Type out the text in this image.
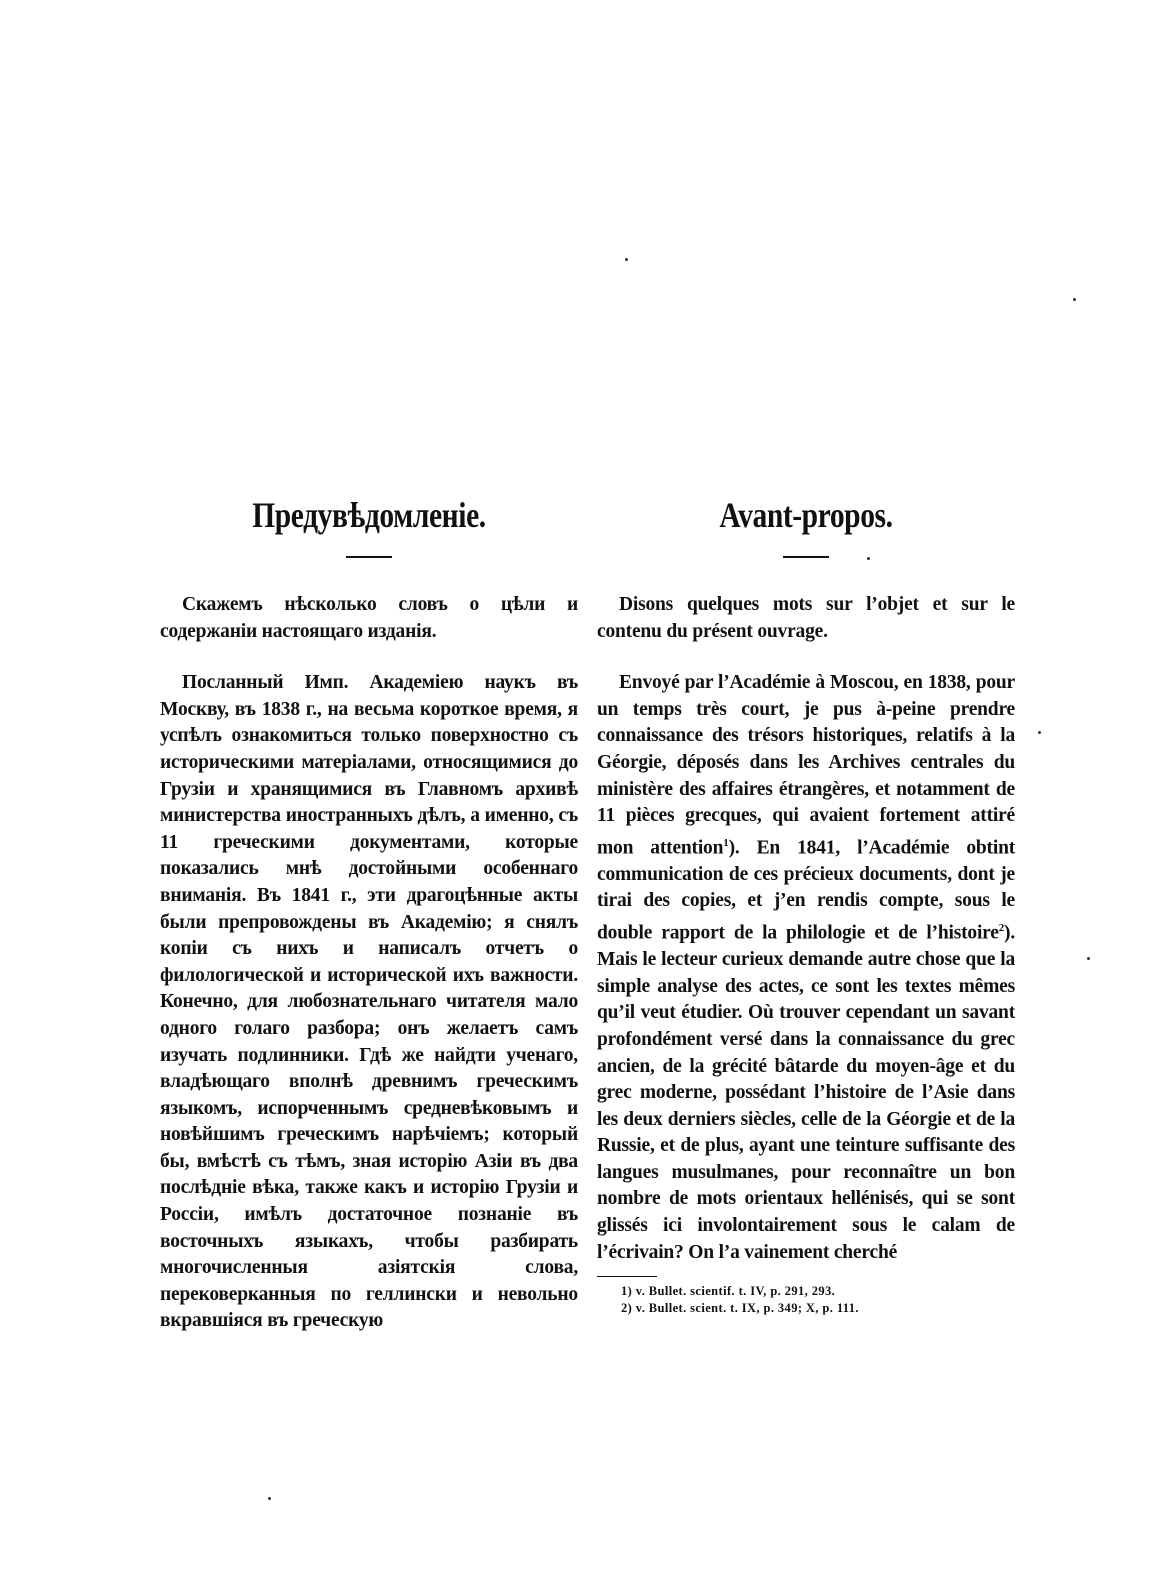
Предувѣдомленіе.

Скажемъ нѣсколько словъ о цѣли и содержаніи настоящаго изданія.

Посланный Имп. Академіею наукъ въ Москву, въ 1838 г., на весьма короткое время, я успѣлъ ознакомиться только поверхностно съ историческими матеріалами, относящимися до Грузіи и хранящимися въ Главномъ архивѣ министерства иностранныхъ дѣлъ, а именно, съ 11 греческими документами, которые показались мнѣ достойными особеннаго вниманія. Въ 1841 г., эти драгоцѣнные акты были препровождены въ Академію; я снялъ копіи съ нихъ и написалъ отчетъ о филологической и исторической ихъ важности. Конечно, для любознательнаго читателя мало одного голаго разбора; онъ желаетъ самъ изучать подлинники. Гдѣ же найдти ученаго, владѣющаго вполнѣ древнимъ греческимъ языкомъ, испорченнымъ средневѣковымъ и новѣйшимъ греческимъ нарѣчіемъ; который бы, вмѣстѣ съ тѣмъ, зная исторію Азіи въ два послѣдніе вѣка, также какъ и исторію Грузіи и Россіи, имѣлъ достаточное познаніе въ восточныхъ языкахъ, чтобы разбирать многочисленныя азіятскія слова, перековерканныя по геллински и невольно вкравшіяся въ греческую

Avant-propos.

Disons quelques mots sur l’objet et sur le contenu du présent ouvrage.

Envoyé par l’Académie à Moscou, en 1838, pour un temps très court, je pus à-peine prendre connaissance des trésors historiques, relatifs à la Géorgie, déposés dans les Archives centrales du ministère des affaires étrangères, et notamment de 11 pièces grecques, qui avaient fortement attiré mon attention$^1$). En 1841, l’Académie obtint communication de ces précieux documents, dont je tirai des copies, et j’en rendis compte, sous le double rapport de la philologie et de l’histoire$^2$). Mais le lecteur curieux demande autre chose que la simple analyse des actes, ce sont les textes mêmes qu’il veut étudier. Où trouver cependant un savant profondément versé dans la connaissance du grec ancien, de la grécité bâtarde du moyen-âge et du grec moderne, possédant l’histoire de l’Asie dans les deux derniers siècles, celle de la Géorgie et de la Russie, et de plus, ayant une teinture suffisante des langues musulmanes, pour reconnaître un bon nombre de mots orientaux hellénisés, qui se sont glissés ici involontairement sous le calam de l’écrivain? On l’a vainement cherché

1) v. Bullet. scientif. t. IV, p. 291, 293.

2) v. Bullet. scient. t. IX, p. 349; X, p. 111.
